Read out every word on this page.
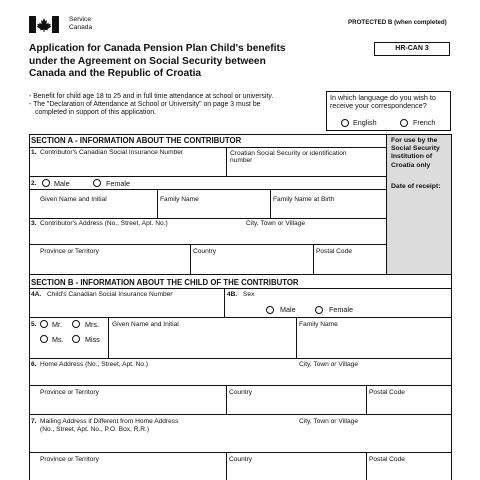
Service
Canada
PROTECTED B (when completed)
HR-CAN 3
Application for Canada Pension Plan Child's benefits
under the Agreement on Social Security between
Canada and the Republic of Croatia
- Benefit for child age 18 to 25 and in full time attendance at school or university.
- The "Declaration of Attendance at School or University" on page 3 must be
completed in support of this application.
In which language do you wish to
receive your correspondence?
English	French
For use by the
Social Security
Institution of
Croatia only
Date of receipt:
SECTION A - INFORMATION ABOUT THE CONTRIBUTOR
1. Contributor's Canadian Social Insurance Number	Croatian Social Security or identification
number
2. Male	Female
Given Name and Initial	Family Name	Family Name at Birth
3. Contributor's Address (No., Street, Apt. No.)	City, Town or Village
Province or Territory	Country	Postal Code
SECTION B - INFORMATION ABOUT THE CHILD OF THE CONTRIBUTOR
4A. Child's Canadian Social Insurance Number	4B. Sex
Male	Female
5. Mr.	Mrs.
Ms.	Miss
Given Name and Initial	Family Name
6. Home Address (No., Street, Apt. No.)	City, Town or Village
Province or Territory	Country	Postal Code
7. Mailing Address if Different from Home Address
(No., Street, Apt. No., P.O. Box, R.R.)
City, Town or Village
Province or Territory	Country	Postal Code
